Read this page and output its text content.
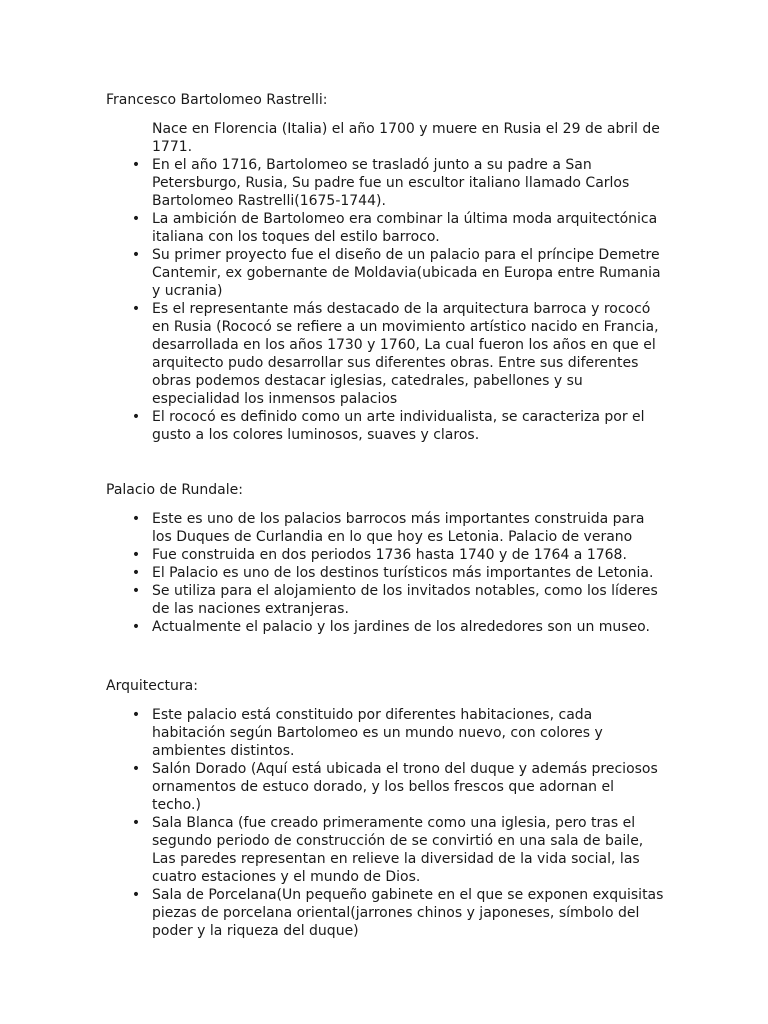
Francesco Bartolomeo Rastrelli:

Nace en Florencia (Italia) el año 1700 y muere en Rusia el 29 de abril de 1771.
• En el año 1716, Bartolomeo se trasladó junto a su padre a San Petersburgo, Rusia, Su padre fue un escultor italiano llamado Carlos Bartolomeo Rastrelli(1675-1744).
• La ambición de Bartolomeo era combinar la última moda arquitectónica italiana con los toques del estilo barroco.
• Su primer proyecto fue el diseño de un palacio para el príncipe Demetre Cantemir, ex gobernante de Moldavia(ubicada en Europa entre Rumania y ucrania)
• Es el representante más destacado de la arquitectura barroca y rococó en Rusia (Rococó se refiere a un movimiento artístico nacido en Francia, desarrollada en los años 1730 y 1760, La cual fueron los años en que el arquitecto pudo desarrollar sus diferentes obras. Entre sus diferentes obras podemos destacar iglesias, catedrales, pabellones y su especialidad los inmensos palacios
• El rococó es definido como un arte individualista, se caracteriza por el gusto a los colores luminosos, suaves y claros.

Palacio de Rundale:

• Este es uno de los palacios barrocos más importantes construida para los Duques de Curlandia en lo que hoy es Letonia. Palacio de verano
• Fue construida en dos periodos 1736 hasta 1740 y de 1764 a 1768.
• El Palacio es uno de los destinos turísticos más importantes de Letonia.
• Se utiliza para el alojamiento de los invitados notables, como los líderes de las naciones extranjeras.
• Actualmente el palacio y los jardines de los alrededores son un museo.

Arquitectura:

• Este palacio está constituido por diferentes habitaciones, cada habitación según Bartolomeo es un mundo nuevo, con colores y ambientes distintos.
• Salón Dorado (Aquí está ubicada el trono del duque y además preciosos ornamentos de estuco dorado, y los bellos frescos que adornan el techo.)
• Sala Blanca (fue creado primeramente como una iglesia, pero tras el segundo periodo de construcción de se convirtió en una sala de baile, Las paredes representan en relieve la diversidad de la vida social, las cuatro estaciones y el mundo de Dios.
• Sala de Porcelana(Un pequeño gabinete en el que se exponen exquisitas piezas de porcelana oriental(jarrones chinos y japoneses, símbolo del poder y la riqueza del duque)
